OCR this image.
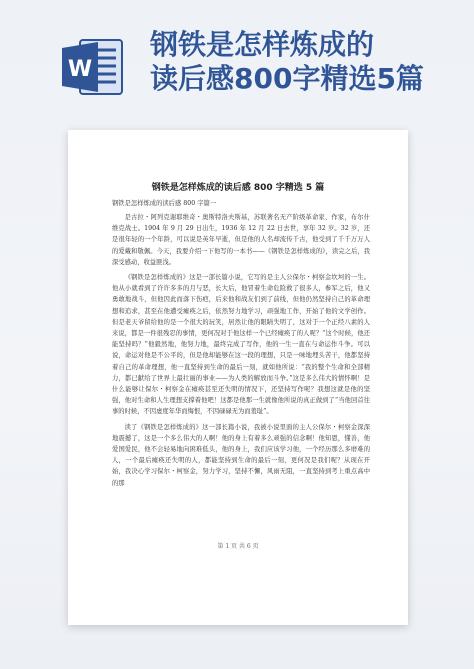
W
钢铁是怎样炼成的
读后感800字精选5篇
钢铁是怎样炼成的读后感 800 字精选 5 篇
钢铁是怎样炼成的读后感 800 字篇一

是古拉・阿列克谢耶维奇・奥斯特洛夫斯基，苏联著名无产阶级革命家、作家，布尔什维克战士。1904 年 9 月 29 日出生，1936 年 12 月 22 日去世，享年 32 岁。32 岁，还是很年轻的一个年龄，可以说是英年早逝，但是他的人名却流传千古，他受到了千千万万人的爱戴和敬佩。今天，我要介绍一下他写的一本书——《钢铁是怎样炼成的》，读完之后，我深受感动，收益匪浅。

《钢铁是怎样炼成的》这是一部长篇小说，它写的是主人公保尔・柯察金坎坷的一生。他从小就看到了许许多多的月与恶，长大后，他冒着生命危险救了很多人，参军之后，他又勇敢地战斗，但他因此而落下伤疤，后来他和战友们到了前线，但他仍然坚持自己的革命理想和追求，甚至在他遭受瘫痪之后，依然努力地学习，顽强地工作，开始了他的文学创作。但是老天爷留给他的是一个很大的玩笑，居然让他的眼睛失明了，这对于一个正经八素的人来说，都是一件很残忍的事情，更何况对于他这样一个已经瘫痪了的人呢？“这个时候，他还能坚持吗？”他毅然地，他努力地，最终完成了写作，他的一生一直在与命运作斗争。可以说，命运对他是不公平的，但是他却能够在这一段的理想，只是一味地埋头苦干，他都坚持着自己的革命理想，他一直坚持到生命的最后一刻，就如他所说：“我的整个生命和全部精力，都已献给了世界上最壮丽的事业——为人类的解放而斗争。”这是多么伟大的情怀啊！是什么能够让保尔・柯察金在瘫痪甚至还失明的情况下，还坚持写作呢？我想这就是他的坚强，他对生命和人生理想支撑着他吧！这都是他那一生就像他所说的真正做到了“当他回首往事的时候，不因虚度年华而悔恨，不因碌碌无为而羞耻”。

读了《钢铁是怎样炼成的》这一部长篇小说，我被小说里面的主人公保尔・柯察金深深地震撼了，这是一个多么伟大的人啊！他的身上有着多么顽强的信念啊！他知恩，懂善，他爱国爱民，他不会轻易地向困难低头，他的身上，我们应该学习他，一个经历那么多磨难的人，一个最后瘫痪还失明的人，都能坚持到生命的最后一刻，更何况是我们呢？从现在开始，我决心学习保尔・柯察金，努力学习，坚持不懈，风雨无阻，一直坚持到考上重点高中的那

第 1 页 共 6 页
